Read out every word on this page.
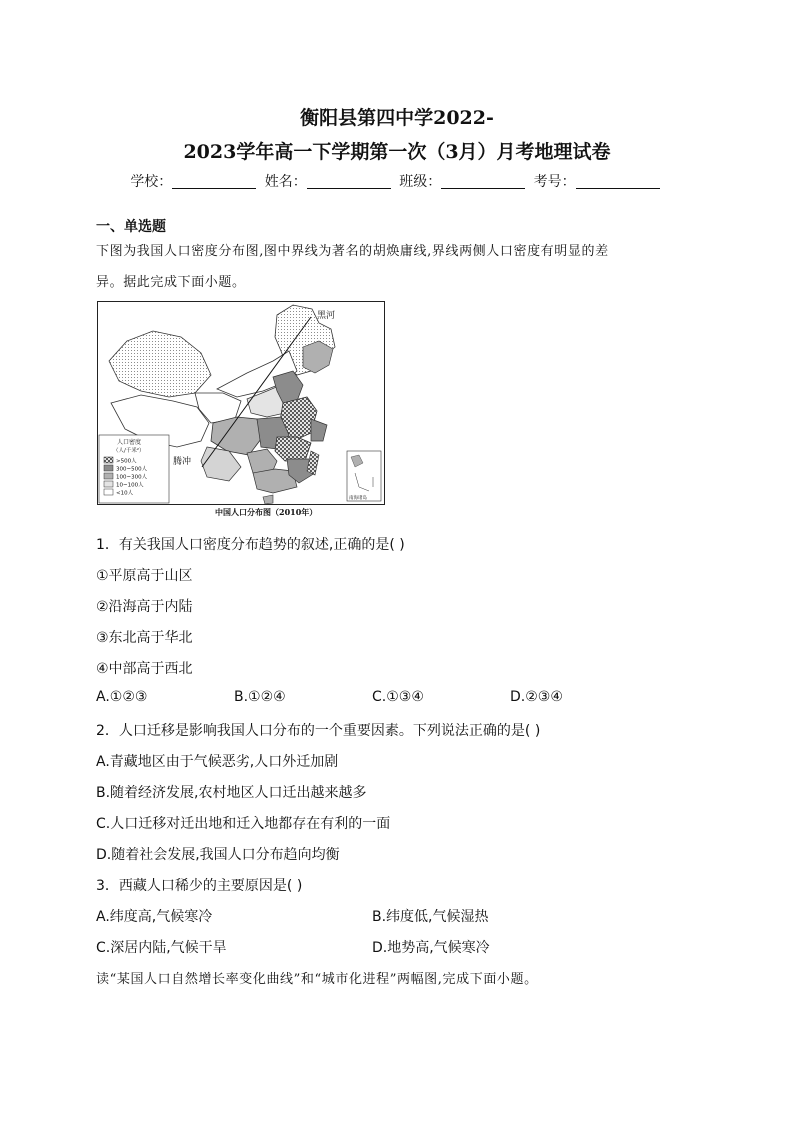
衡阳县第四中学2022-
2023学年高一下学期第一次（3月）月考地理试卷
学校：	姓名：	班级：	考号：
一、单选题
下图为我国人口密度分布图,图中界线为著名的胡焕庸线,界线两侧人口密度有明显的差
异。据此完成下面小题。
黑河
腾冲
人口密度
（人/千米²）
>500人
300~500人
100~300人
10~100人
<10人
南海诸岛
中国人口分布图（2010年）
1．有关我国人口密度分布趋势的叙述,正确的是( )
①平原高于山区
②沿海高于内陆
③东北高于华北
④中部高于西北
A.①②③	B.①②④	C.①③④	D.②③④
2．人口迁移是影响我国人口分布的一个重要因素。下列说法正确的是( )
A.青藏地区由于气候恶劣,人口外迁加剧
B.随着经济发展,农村地区人口迁出越来越多
C.人口迁移对迁出地和迁入地都存在有利的一面
D.随着社会发展,我国人口分布趋向均衡
3．西藏人口稀少的主要原因是( )
A.纬度高,气候寒冷	B.纬度低,气候湿热
C.深居内陆,气候干旱	D.地势高,气候寒冷
读“某国人口自然增长率变化曲线”和“城市化进程”两幅图,完成下面小题。
